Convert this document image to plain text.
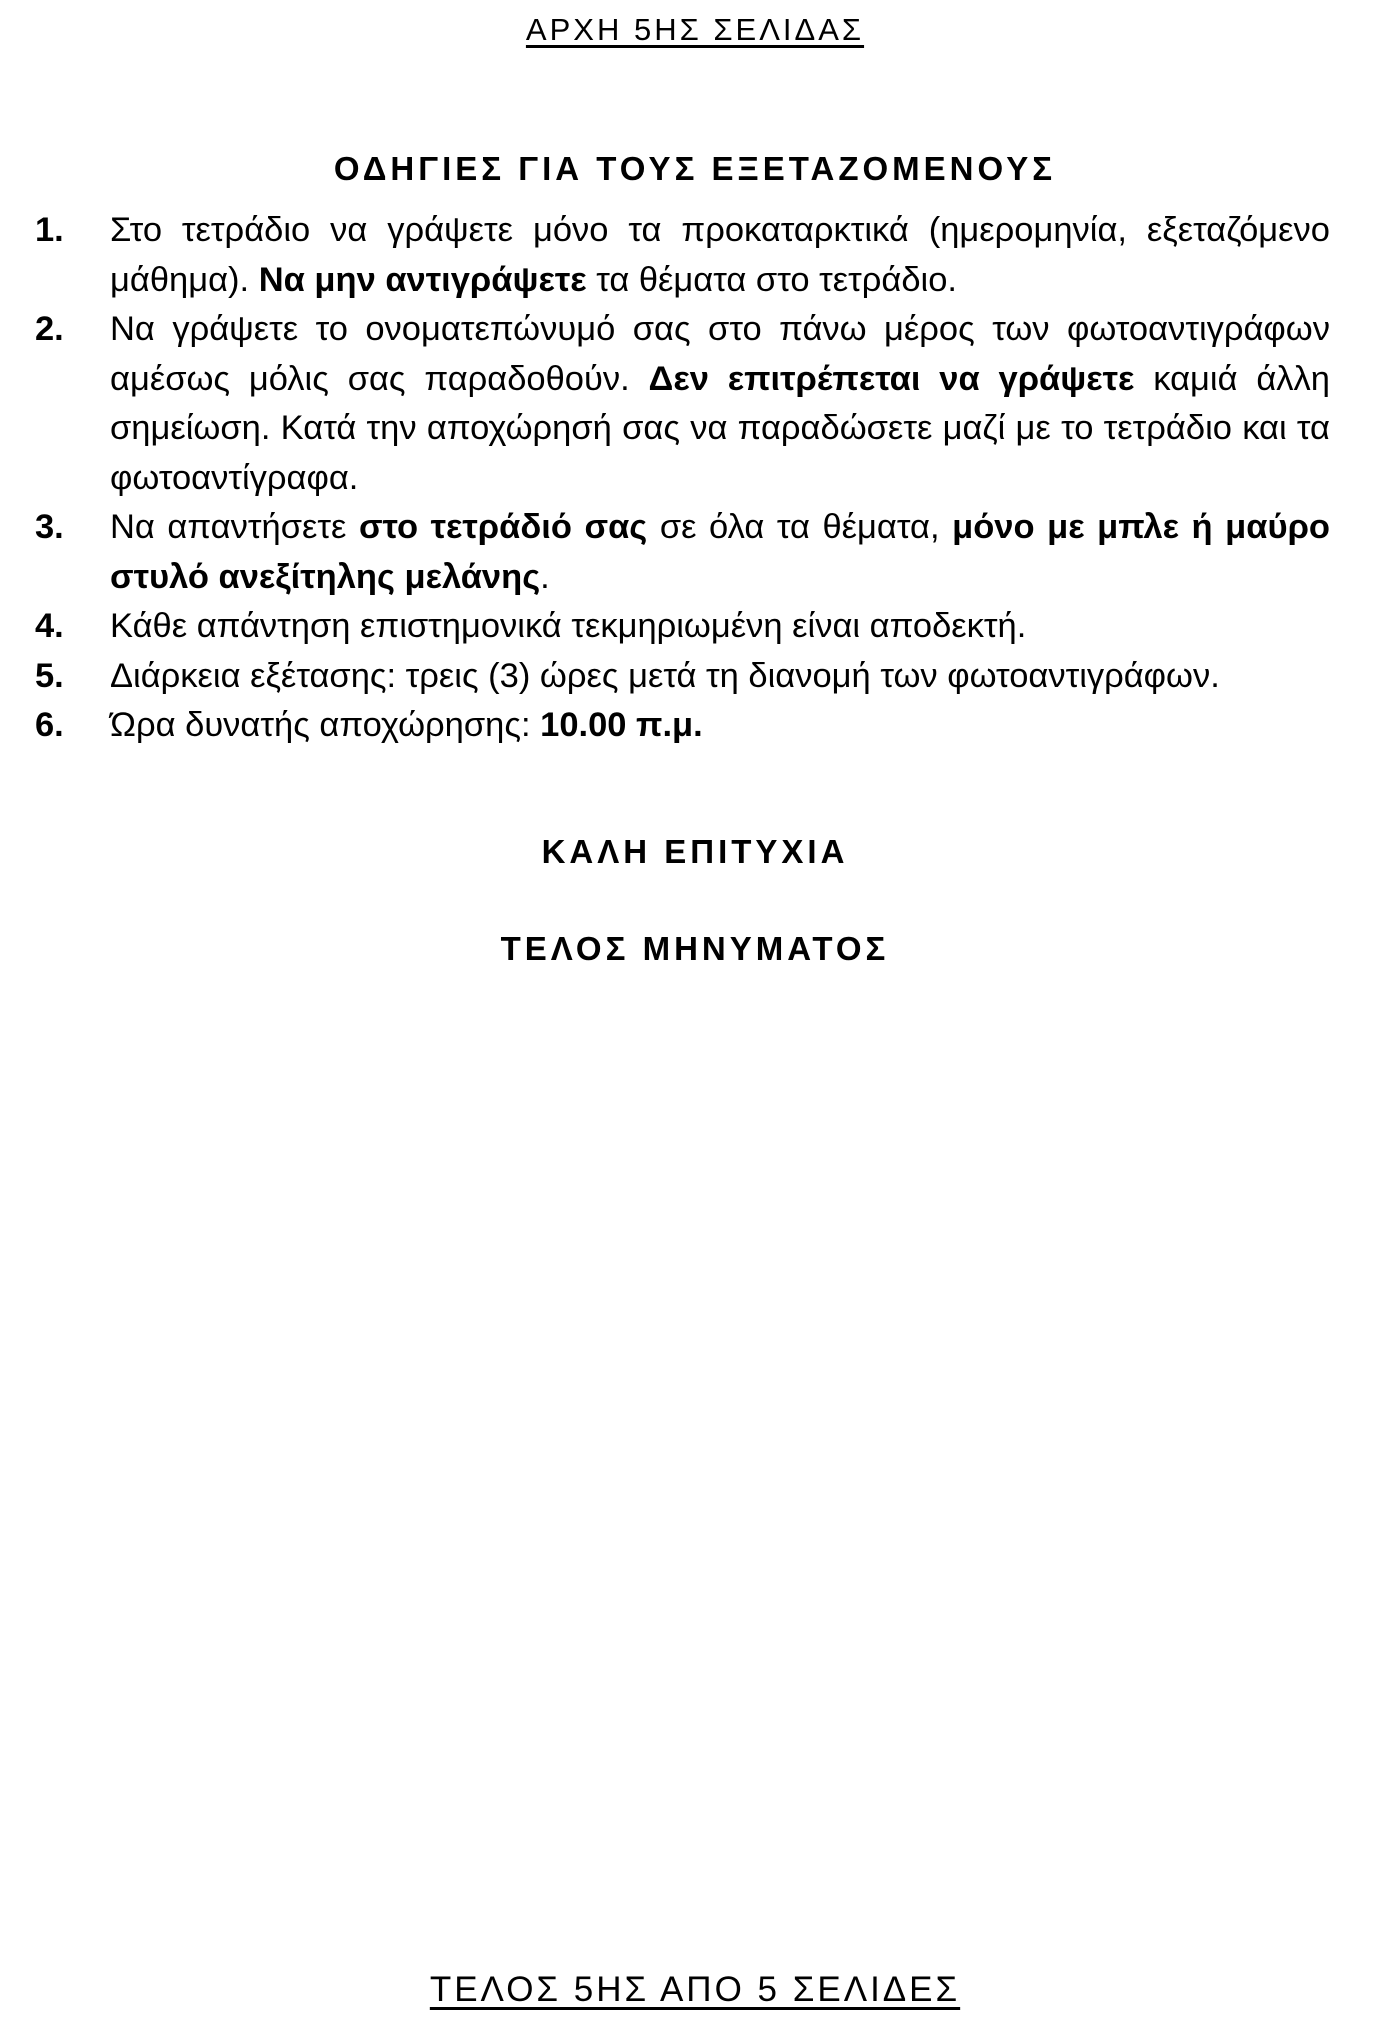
ΑΡΧΗ 5ΗΣ ΣΕΛΙΔΑΣ
ΟΔΗΓΙΕΣ ΓΙΑ ΤΟΥΣ ΕΞΕΤΑΖΟΜΕΝΟΥΣ
1. Στο τετράδιο να γράψετε μόνο τα προκαταρκτικά (ημερομηνία, εξεταζόμενο μάθημα). Να μην αντιγράψετε τα θέματα στο τετράδιο.
2. Να γράψετε το ονοματεπώνυμό σας στο πάνω μέρος των φωτοαντιγράφων αμέσως μόλις σας παραδοθούν. Δεν επιτρέπεται να γράψετε καμιά άλλη σημείωση. Κατά την αποχώρησή σας να παραδώσετε μαζί με το τετράδιο και τα φωτοαντίγραφα.
3. Να απαντήσετε στο τετράδιό σας σε όλα τα θέματα, μόνο με μπλε ή μαύρο στυλό ανεξίτηλης μελάνης.
4. Κάθε απάντηση επιστημονικά τεκμηριωμένη είναι αποδεκτή.
5. Διάρκεια εξέτασης: τρεις (3) ώρες μετά τη διανομή των φωτοαντιγράφων.
6. Ώρα δυνατής αποχώρησης: 10.00 π.μ.
ΚΑΛΗ ΕΠΙΤΥΧΙΑ
ΤΕΛΟΣ ΜΗΝΥΜΑΤΟΣ
ΤΕΛΟΣ 5ΗΣ ΑΠΟ 5 ΣΕΛΙΔΕΣ
